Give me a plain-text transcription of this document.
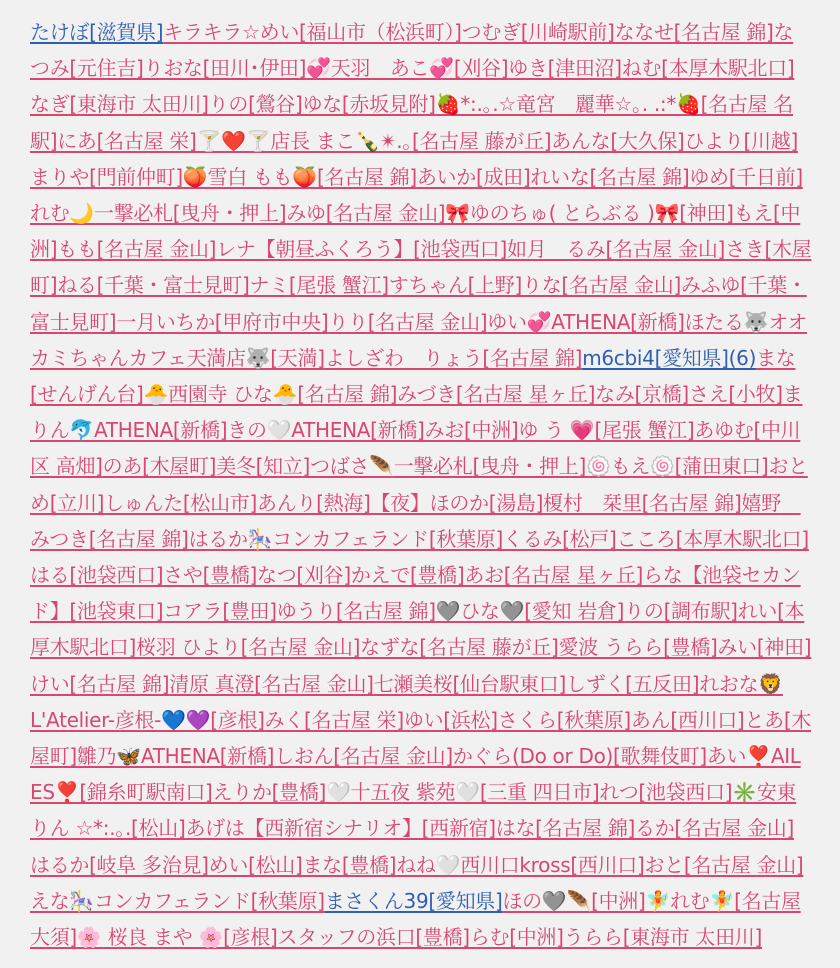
たけぼ[滋賀県]キラキラ☆めい[福山市（松浜町）]つむぎ[川崎駅前]ななせ[名古屋 錦]なつみ[元住吉]りおな[田川･伊田]💞天羽　あこ💞[刈谷]ゆき[津田沼]ねむ[本厚木駅北口]なぎ[東海市 太田川]りの[鶯谷]ゆな[赤坂見附]🍓*:.｡.☆竜宮　麗華☆｡. .:*🍓[名古屋 名駅]にあ[名古屋 栄]🍸❤️🍸店長 まこ🍾✴︎.｡[名古屋 藤が丘]あんな[大久保]ひより[川越]まりや[門前仲町]🍑雪白 もも🍑[名古屋 錦]あいか[成田]れいな[名古屋 錦]ゆめ[千日前]れむ🌙一撃必札[曳舟・押上]みゆ[名古屋 金山]🎀ゆのちゅ( とらぶる )🎀[神田]もえ[中洲]もも[名古屋 金山]レナ【朝昼ふくろう】[池袋西口]如月　るみ[名古屋 金山]さき[木屋町]ねる[千葉・富士見町]ナミ[尾張 蟹江]すちゃん[上野]りな[名古屋 金山]みふゆ[千葉・富士見町]一月いちか[甲府市中央]りり[名古屋 金山]ゆい💞ATHENA[新橋]ほたる🐺オオカミちゃんカフェ天満店🐺[天満]よしざわ　りょう[名古屋 錦]m6cbi4[愛知県](6)まな[せんげん台]🐣西園寺 ひな🐣[名古屋 錦]みづき[名古屋 星ヶ丘]なみ[京橋]さえ[小牧]まりん🐬ATHENA[新橋]きの🤍ATHENA[新橋]みお[中洲]ゆ う 💗[尾張 蟹江]あゆむ[中川区 高畑]のあ[木屋町]美冬[知立]つばさ🪶一撃必札[曳舟・押上]🍥もえ🍥[蒲田東口]おとめ[立川]しゅんた[松山市]あんり[熱海]【夜】ほのか[湯島]榎村　栞里[名古屋 錦]嬉野　みつき[名古屋 錦]はるか🎠コンカフェランド[秋葉原]くるみ[松戸]こころ[本厚木駅北口]はる[池袋西口]さや[豊橋]なつ[刈谷]かえで[豊橋]あお[名古屋 星ヶ丘]らな【池袋セカンド】[池袋東口]コアラ[豊田]ゆうり[名古屋 錦]🩶ひな🩶[愛知 岩倉]りの[調布駅]れい[本厚木駅北口]桜羽 ひより[名古屋 金山]なずな[名古屋 藤が丘]愛波 うらら[豊橋]みい[神田]けい[名古屋 錦]清原 真澄[名古屋 金山]七瀬美桜[仙台駅東口]しずく[五反田]れおな🦁 L'Atelier-彦根-💙💜[彦根]みく[名古屋 栄]ゆい[浜松]さくら[秋葉原]あん[西川口]とあ[木屋町]雛乃🦋ATHENA[新橋]しおん[名古屋 金山]かぐら(Do or Do)[歌舞伎町]あい❣️AILES❣️[錦糸町駅南口]えりか[豊橋]🤍十五夜 紫苑🤍[三重 四日市]れつ[池袋西口]✳️安東 りん ☆*:.｡.[松山]あげは【西新宿シナリオ】[西新宿]はな[名古屋 錦]るか[名古屋 金山]はるか[岐阜 多治見]めい[松山]まな[豊橋]ねね🤍西川口kross[西川口]おと[名古屋 金山]えな🎠コンカフェランド[秋葉原]まさくん39[愛知県]ほの🩶🪶[中洲]🧚れむ🧚[名古屋 大須]🌸 桜良 まや 🌸[彦根]スタッフの浜口[豊橋]らむ[中洲]うらら[東海市 太田川]
